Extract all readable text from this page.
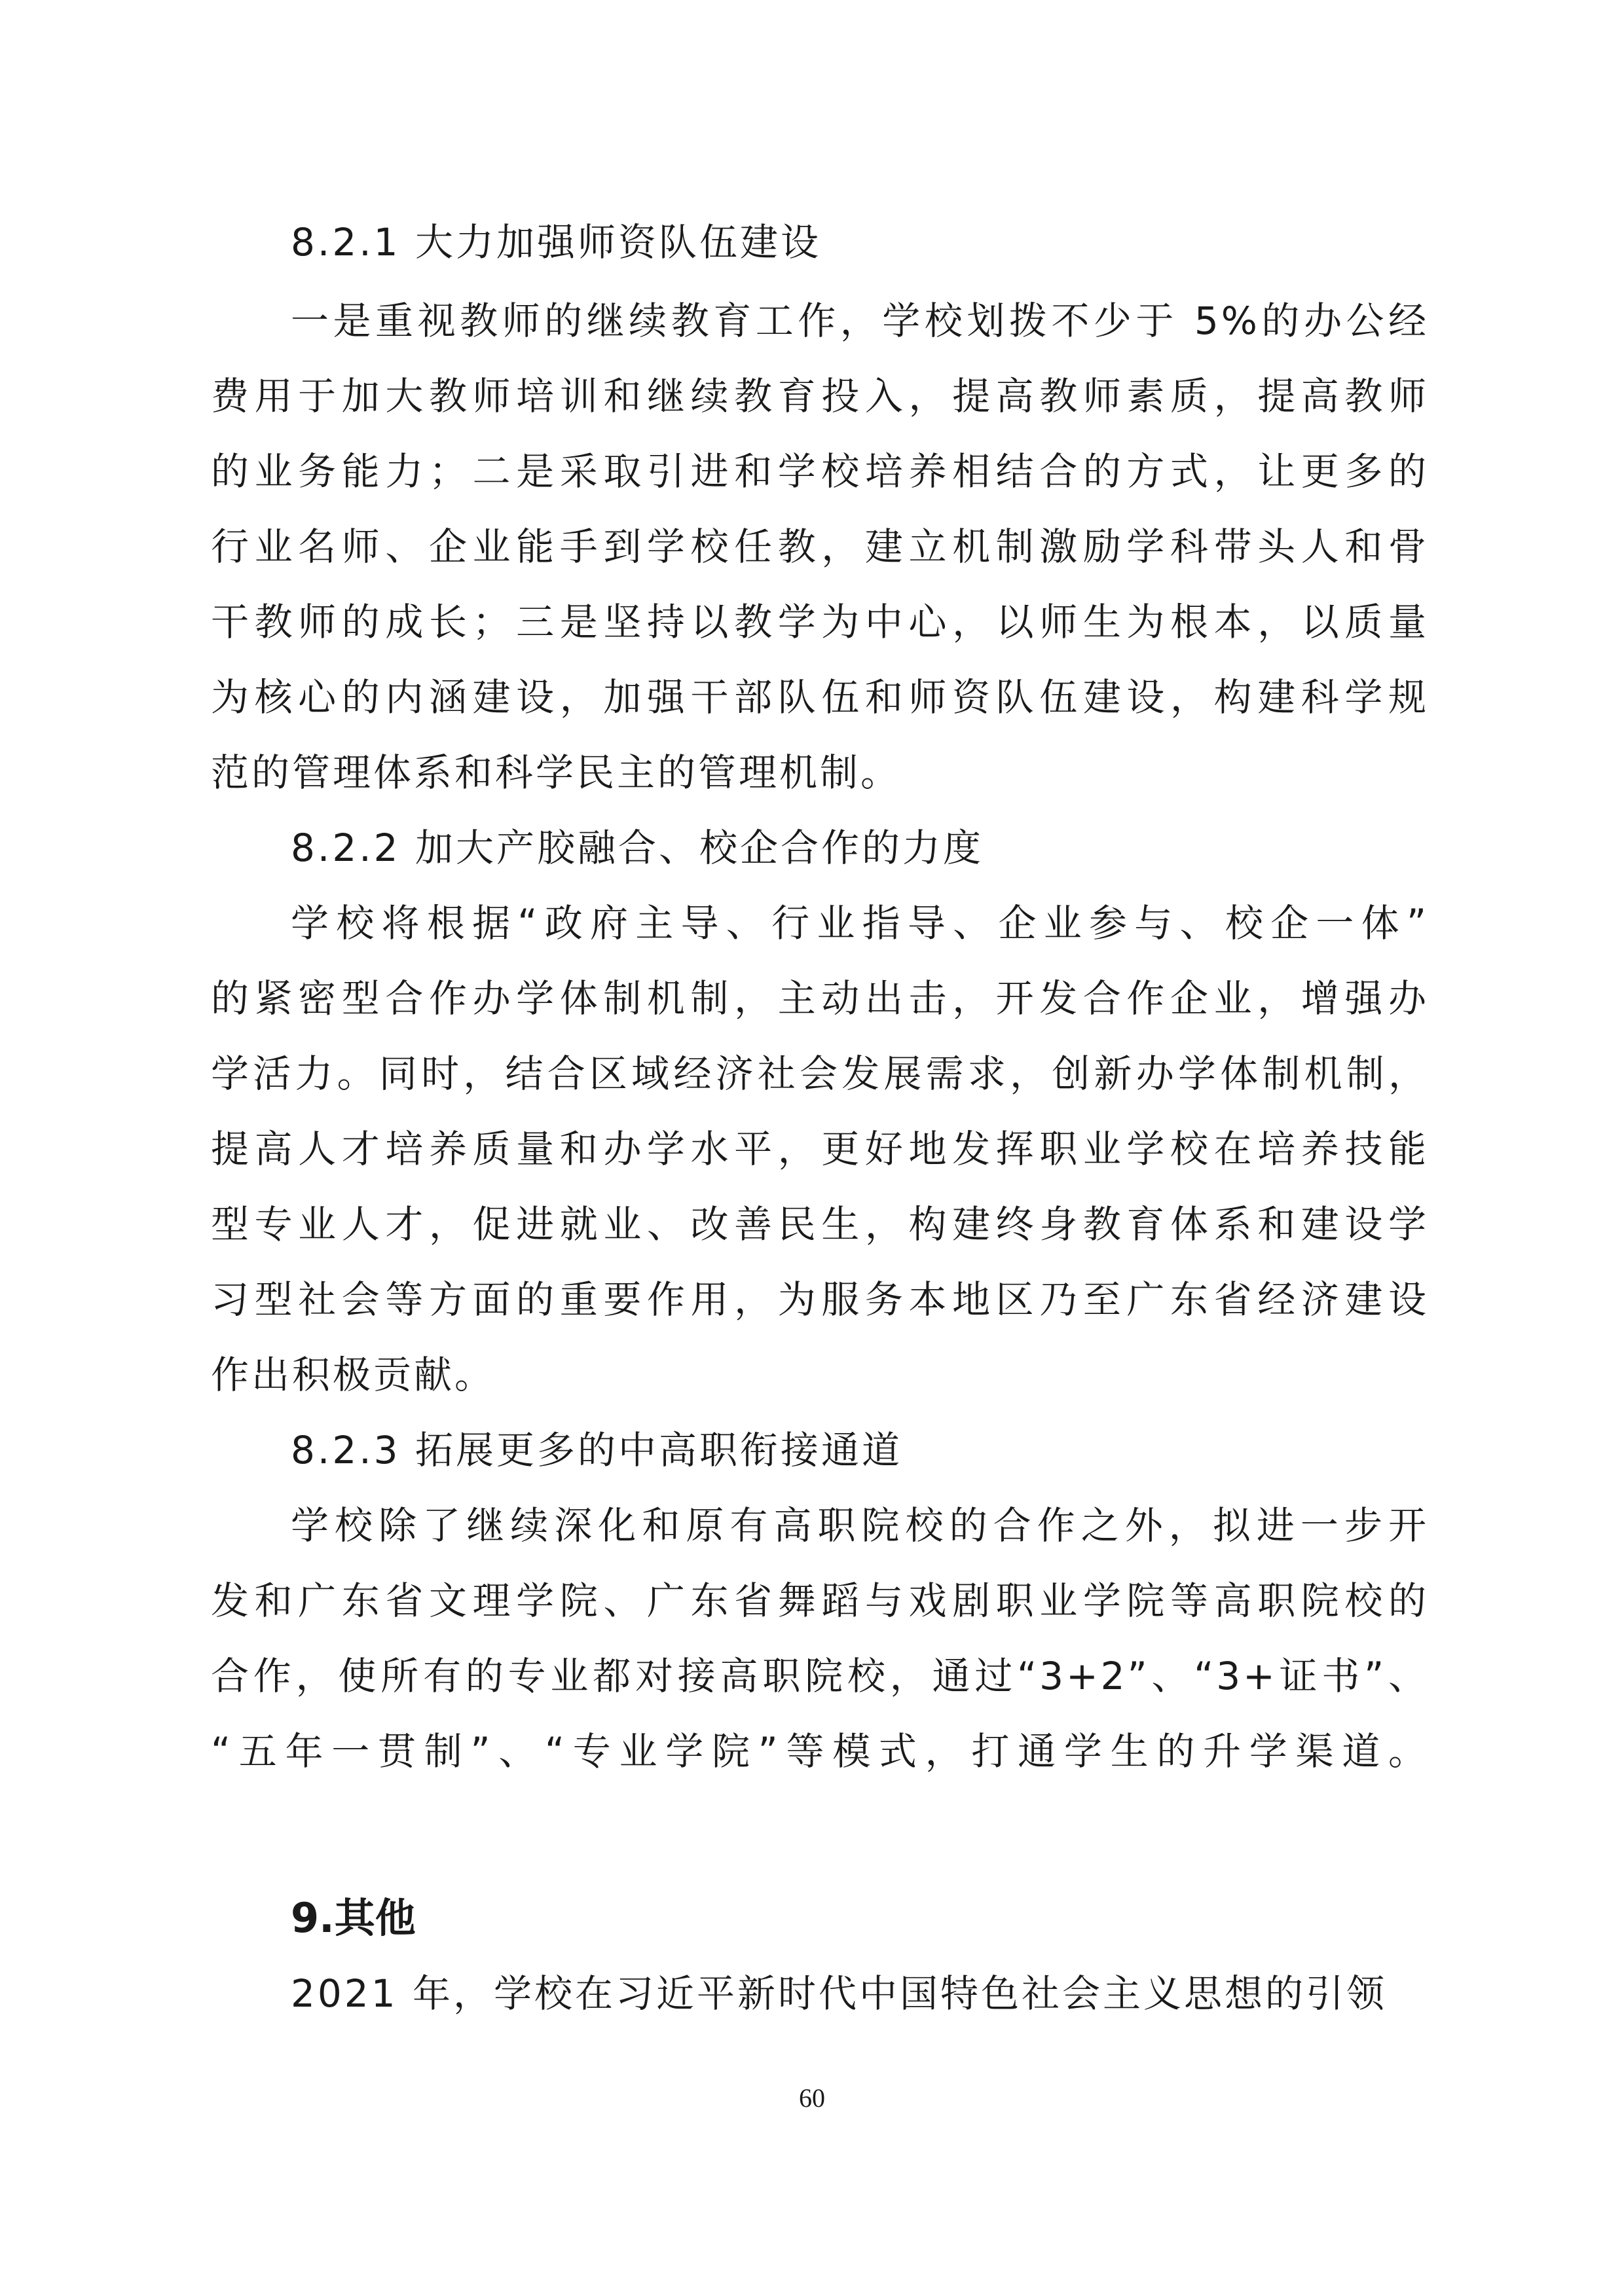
8.2.1 大力加强师资队伍建设
一是重视教师的继续教育工作，学校划拨不少于 5%的办公经
费用于加大教师培训和继续教育投入，提高教师素质，提高教师
的业务能力；二是采取引进和学校培养相结合的方式，让更多的
行业名师、企业能手到学校任教，建立机制激励学科带头人和骨
干教师的成长；三是坚持以教学为中心，以师生为根本，以质量
为核心的内涵建设，加强干部队伍和师资队伍建设，构建科学规
范的管理体系和科学民主的管理机制。
8.2.2 加大产胶融合、校企合作的力度
学校将根据“政府主导、行业指导、企业参与、校企一体”
的紧密型合作办学体制机制，主动出击，开发合作企业，增强办
学活力。同时，结合区域经济社会发展需求，创新办学体制机制，
提高人才培养质量和办学水平，更好地发挥职业学校在培养技能
型专业人才，促进就业、改善民生，构建终身教育体系和建设学
习型社会等方面的重要作用，为服务本地区乃至广东省经济建设
作出积极贡献。
8.2.3 拓展更多的中高职衔接通道
学校除了继续深化和原有高职院校的合作之外，拟进一步开
发和广东省文理学院、广东省舞蹈与戏剧职业学院等高职院校的
合作，使所有的专业都对接高职院校，通过“3+2”、“3+证书”、
“五年一贯制”、“专业学院”等模式，打通学生的升学渠道。
9.其他
2021 年，学校在习近平新时代中国特色社会主义思想的引领
60
